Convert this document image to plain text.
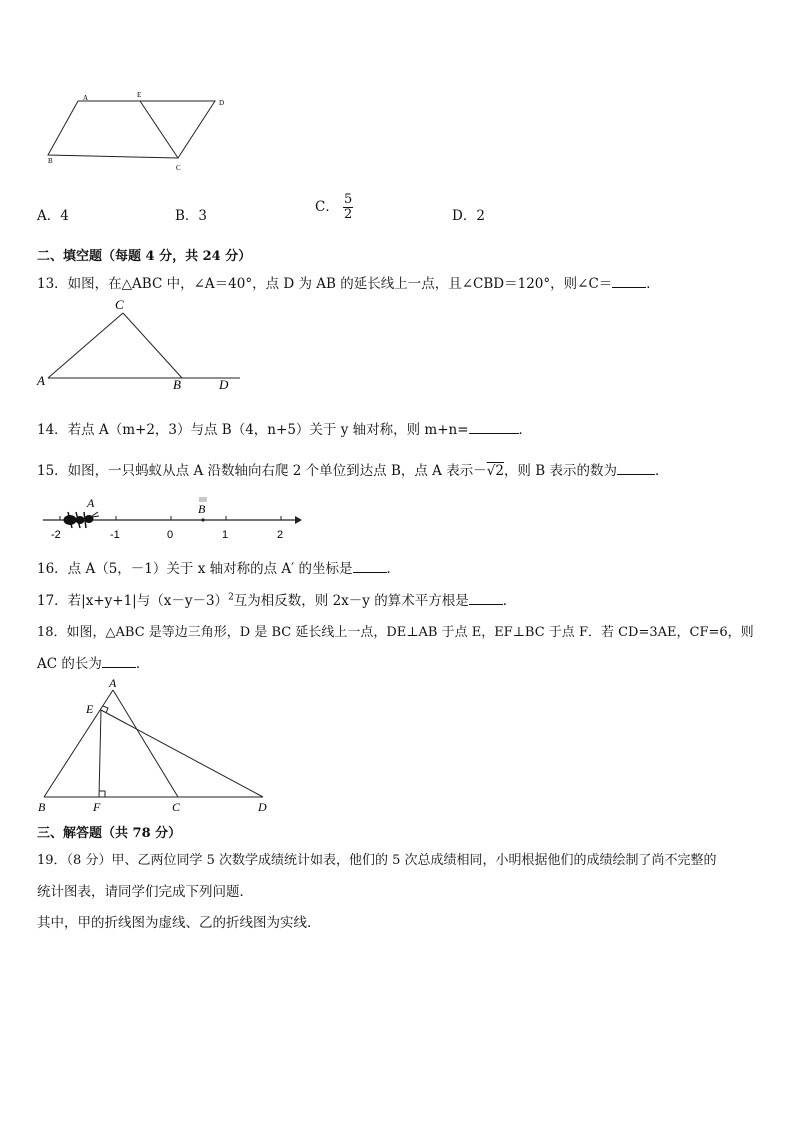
A	E
D
B
C
A．4	B．3
C． $\frac{5}{2}$	D．2
二、填空题（每题 4 分，共 24 分）
13．如图，在△ABC 中，∠A＝40°，点 D 为 AB 的延长线上一点，且∠CBD＝120°，则∠C＝	．
C
A	B	D
14．若点 A（m+2，3）与点 B（4，n+5）关于 y 轴对称，则 m+n=	．
15．如图，一只蚂蚁从点 A 沿数轴向右爬 2 个单位到达点 B，点 A 表示－√2，则 B 表示的数为	．
A	B
-2	-1	0	1	2
16．点 A（5，－1）关于 x 轴对称的点 A′ 的坐标是	．
17．若|x+y+1|与$(x-y-3)^2$互为相反数，则 2x－y 的算术平方根是	．
18．如图，△ABC 是等边三角形，D 是 BC 延长线上一点，DE⊥AB 于点 E，EF⊥BC 于点 F．若 CD=3AE，CF=6，则
AC 的长为	．
A
E
B	F	C	D
三、解答题（共 78 分）
19．（8 分）甲、乙两位同学 5 次数学成绩统计如表，他们的 5 次总成绩相同，小明根据他们的成绩绘制了尚不完整的
统计图表，请同学们完成下列问题．
其中，甲的折线图为虚线、乙的折线图为实线．
